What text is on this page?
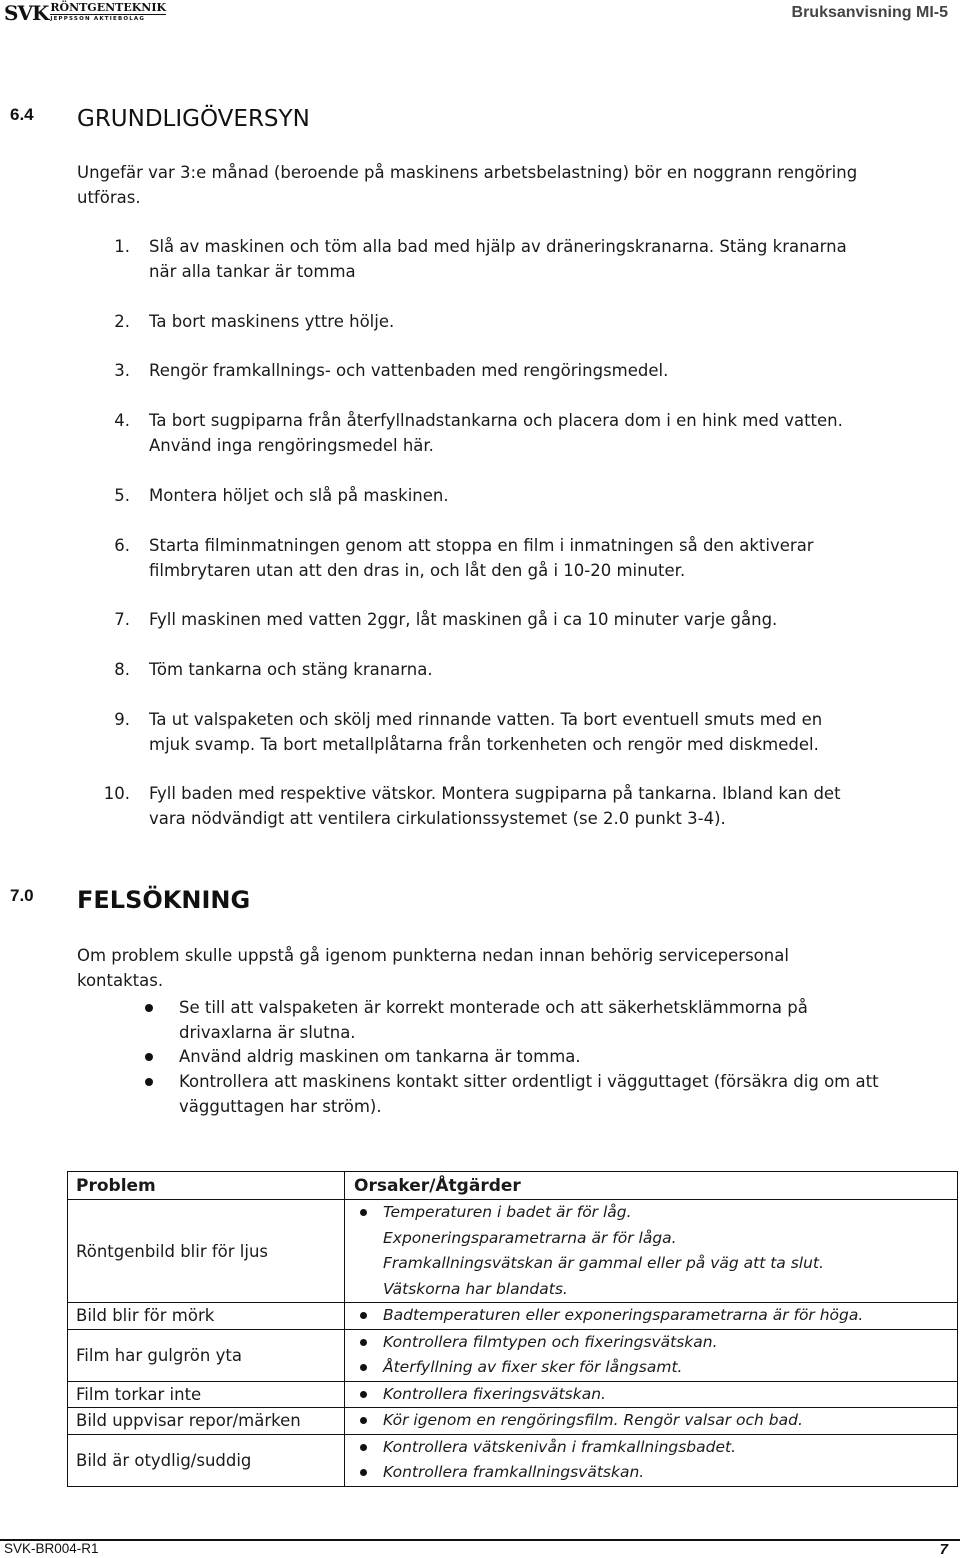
SVK RÖNTGENTEKNIK
JEPPSSON AKTIEBOLAG	Bruksanvisning MI-5
6.4 GRUNDLIGÖVERSYN
Ungefär var 3:e månad (beroende på maskinens arbetsbelastning) bör en noggrann rengöring
utföras.
1. Slå av maskinen och töm alla bad med hjälp av dräneringskranarna. Stäng kranarna
när alla tankar är tomma
2. Ta bort maskinens yttre hölje.
3. Rengör framkallnings- och vattenbaden med rengöringsmedel.
4. Ta bort sugpiparna från återfyllnadstankarna och placera dom i en hink med vatten.
Använd inga rengöringsmedel här.
5. Montera höljet och slå på maskinen.
6. Starta filminmatningen genom att stoppa en film i inmatningen så den aktiverar
filmbrytaren utan att den dras in, och låt den gå i 10-20 minuter.
7. Fyll maskinen med vatten 2ggr, låt maskinen gå i ca 10 minuter varje gång.
8. Töm tankarna och stäng kranarna.
9. Ta ut valspaketen och skölj med rinnande vatten. Ta bort eventuell smuts med en
mjuk svamp. Ta bort metallplåtarna från torkenheten och rengör med diskmedel.
10. Fyll baden med respektive vätskor. Montera sugpiparna på tankarna. Ibland kan det
vara nödvändigt att ventilera cirkulationssystemet (se 2.0 punkt 3-4).
7.0 FELSÖKNING
Om problem skulle uppstå gå igenom punkterna nedan innan behörig servicepersonal
kontaktas.
Se till att valspaketen är korrekt monterade och att säkerhetsklämmorna på
drivaxlarna är slutna.
Använd aldrig maskinen om tankarna är tomma.
Kontrollera att maskinens kontakt sitter ordentligt i vägguttaget (försäkra dig om att
vägguttagen har ström).
Problem	Orsaker/Åtgärder
Röntgenbild blir för ljus	Temperaturen i badet är för låg.
Exponeringsparametrarna är för låga.
Framkallningsvätskan är gammal eller på väg att ta slut.
Vätskorna har blandats.

Bild blir för mörk	Badtemperaturen eller exponeringsparametrarna är för höga.

Film har gulgrön yta	Kontrollera filmtypen och fixeringsvätskan.
Återfyllning av fixer sker för långsamt.

Film torkar inte	Kontrollera fixeringsvätskan.

Bild uppvisar repor/märken	Kör igenom en rengöringsfilm. Rengör valsar och bad.

Bild är otydlig/suddig	Kontrollera vätskenivån i framkallningsbadet.
Kontrollera framkallningsvätskan.
SVK-BR004-R1	7
